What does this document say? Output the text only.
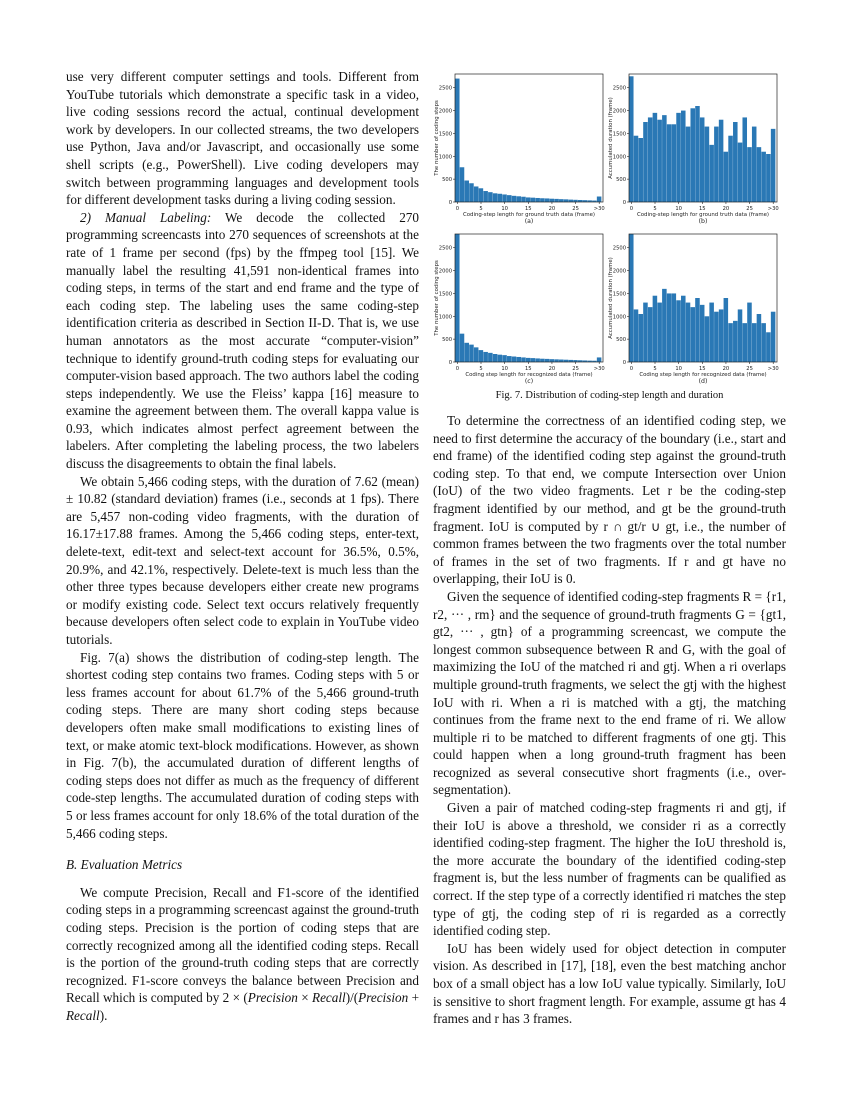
use very different computer settings and tools. Different from YouTube tutorials which demonstrate a specific task in a video, live coding sessions record the actual, continual development work by developers. In our collected streams, the two developers use Python, Java and/or Javascript, and occasionally use some shell scripts (e.g., PowerShell). Live coding developers may switch between programming languages and development tools for different development tasks during a living coding session.

2) Manual Labeling: We decode the collected 270 programming screencasts into 270 sequences of screenshots at the rate of 1 frame per second (fps) by the ffmpeg tool [15]. We manually label the resulting 41,591 non-identical frames into coding steps, in terms of the start and end frame and the type of each coding step. The labeling uses the same coding-step identification criteria as described in Section II-D. That is, we use human annotators as the most accurate “computer-vision” technique to identify ground-truth coding steps for evaluating our computer-vision based approach. The two authors label the coding steps independently. We use the Fleiss’ kappa [16] measure to examine the agreement between them. The overall kappa value is 0.93, which indicates almost perfect agreement between the labelers. After completing the labeling process, the two labelers discuss the disagreements to obtain the final labels.

We obtain 5,466 coding steps, with the duration of 7.62 (mean) ± 10.82 (standard deviation) frames (i.e., seconds at 1 fps). There are 5,457 non-coding video fragments, with the duration of 16.17±17.88 frames. Among the 5,466 coding steps, enter-text, delete-text, edit-text and select-text account for 36.5%, 0.5%, 20.9%, and 42.1%, respectively. Delete-text is much less than the other three types because developers either create new programs or modify existing code. Select text occurs relatively frequently because developers often select code to explain in YouTube video tutorials.

Fig. 7(a) shows the distribution of coding-step length. The shortest coding step contains two frames. Coding steps with 5 or less frames account for about 61.7% of the 5,466 ground-truth coding steps. There are many short coding steps because developers often make small modifications to existing lines of text, or make atomic text-block modifications. However, as shown in Fig. 7(b), the accumulated duration of different lengths of coding steps does not differ as much as the frequency of different code-step lengths. The accumulated duration of coding steps with 5 or less frames account for only 18.6% of the total duration of the 5,466 coding steps.

B. Evaluation Metrics

We compute Precision, Recall and F1-score of the identified coding steps in a programming screencast against the ground-truth coding steps. Precision is the portion of coding steps that are correctly recognized among all the identified coding steps. Recall is the portion of the ground-truth coding steps that are correctly recognized. F1-score conveys the balance between Precision and Recall which is computed by 2 × (Precision × Recall)/(Precision + Recall).

0
500
1000
1500
2000
2500
0	5	10	15	20	25	>30
Coding-step length for ground truth data (frame)
(a)
The number of coding steps
0
500
1000
1500
2000
2500
0	5	10	15	20	25	>30
Coding-step length for ground truth data (frame)
(b)
Accumulated duration (frame)
0
500
1000
1500
2000
2500
0	5	10	15	20	25	>30
Coding step length for recognized data (frame)
(c)
The number of coding steps
0
500
1000
1500
2000
2500
0	5	10	15	20	25	>30
Coding step length for recognized data (frame)
(d)
Accumulated duration (frame)
Fig. 7. Distribution of coding-step length and duration

To determine the correctness of an identified coding step, we need to first determine the accuracy of the boundary (i.e., start and end frame) of the identified coding step against the ground-truth coding step. To that end, we compute Intersection over Union (IoU) of the two video fragments. Let r be the coding-step fragment identified by our method, and gt be the ground-truth fragment. IoU is computed by r ∩ gt/r ∪ gt, i.e., the number of common frames between the two fragments over the total number of frames in the set of two fragments. If r and gt have no overlapping, their IoU is 0.

Given the sequence of identified coding-step fragments R = {r1, r2, ··· , rm} and the sequence of ground-truth fragments G = {gt1, gt2, ··· , gtn} of a programming screencast, we compute the longest common subsequence between R and G, with the goal of maximizing the IoU of the matched ri and gtj. When a ri overlaps multiple ground-truth fragments, we select the gtj with the highest IoU with ri. When a ri is matched with a gtj, the matching continues from the frame next to the end frame of ri. We allow multiple ri to be matched to different fragments of one gtj. This could happen when a long ground-truth fragment has been recognized as several consecutive short fragments (i.e., over-segmentation).

Given a pair of matched coding-step fragments ri and gtj, if their IoU is above a threshold, we consider ri as a correctly identified coding-step fragment. The higher the IoU threshold is, the more accurate the boundary of the identified coding-step fragment is, but the less number of fragments can be qualified as correct. If the step type of a correctly identified ri matches the step type of gtj, the coding step of ri is regarded as a correctly identified coding step.

IoU has been widely used for object detection in computer vision. As described in [17], [18], even the best matching anchor box of a small object has a low IoU value typically. Similarly, IoU is sensitive to short fragment length. For example, assume gt has 4 frames and r has 3 frames.
